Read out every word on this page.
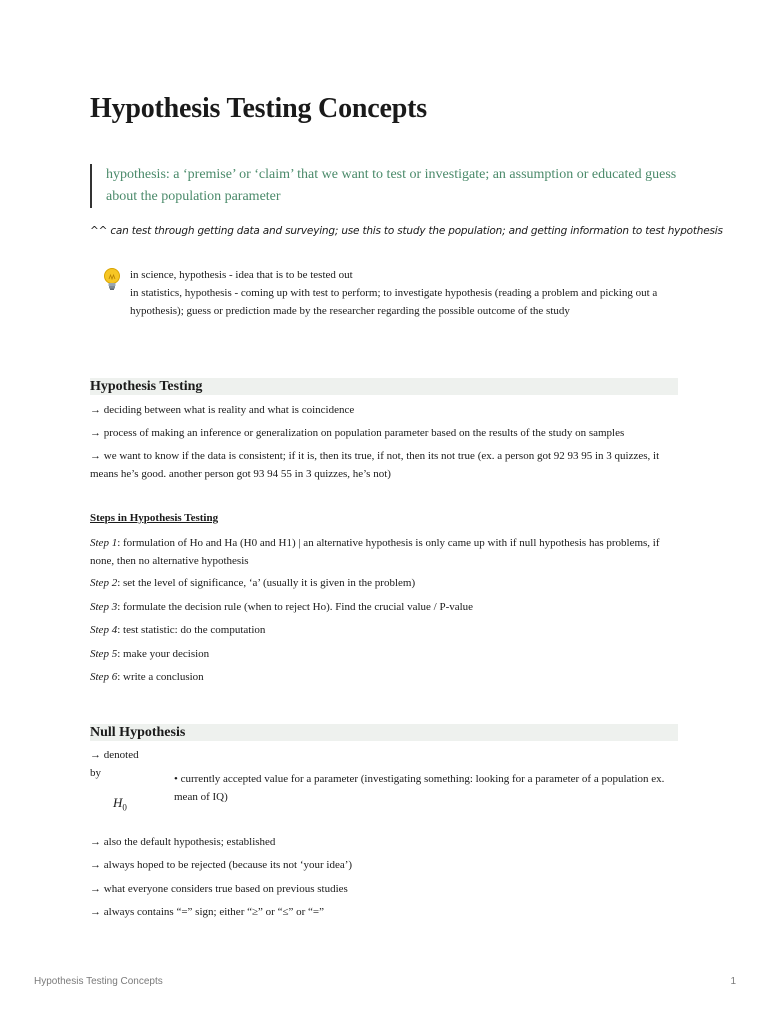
Hypothesis Testing Concepts
hypothesis: a ‘premise’ or ‘claim’ that we want to test or investigate; an assumption or educated guess about the population parameter
^^ can test through getting data and surveying; use this to study the population; and getting information to test hypothesis
in science, hypothesis - idea that is to be tested out
in statistics, hypothesis - coming up with test to perform; to investigate hypothesis (reading a problem and picking out a hypothesis); guess or prediction made by the researcher regarding the possible outcome of the study
Hypothesis Testing
→ deciding between what is reality and what is coincidence
→ process of making an inference or generalization on population parameter based on the results of the study on samples
→ we want to know if the data is consistent; if it is, then its true, if not, then its not true (ex. a person got 92 93 95 in 3 quizzes, it means he’s good. another person got 93 94 55 in 3 quizzes, he’s not)
Steps in Hypothesis Testing
Step 1: formulation of Ho and Ha (H0 and H1) | an alternative hypothesis is only came up with if null hypothesis has problems, if none, then no alternative hypothesis
Step 2: set the level of significance, ‘a’ (usually it is given in the problem)
Step 3: formulate the decision rule (when to reject Ho). Find the crucial value / P-value
Step 4: test statistic: do the computation
Step 5: make your decision
Step 6: write a conclusion
Null Hypothesis
→ denoted
by
$H_0$
• currently accepted value for a parameter (investigating something: looking for a parameter of a population ex. mean of IQ)
→ also the default hypothesis; established
→ always hoped to be rejected (because its not ‘your idea’)
→ what everyone considers true based on previous studies
→ always contains “=” sign; either “≥” or “≤” or “=”
Hypothesis Testing Concepts	1
